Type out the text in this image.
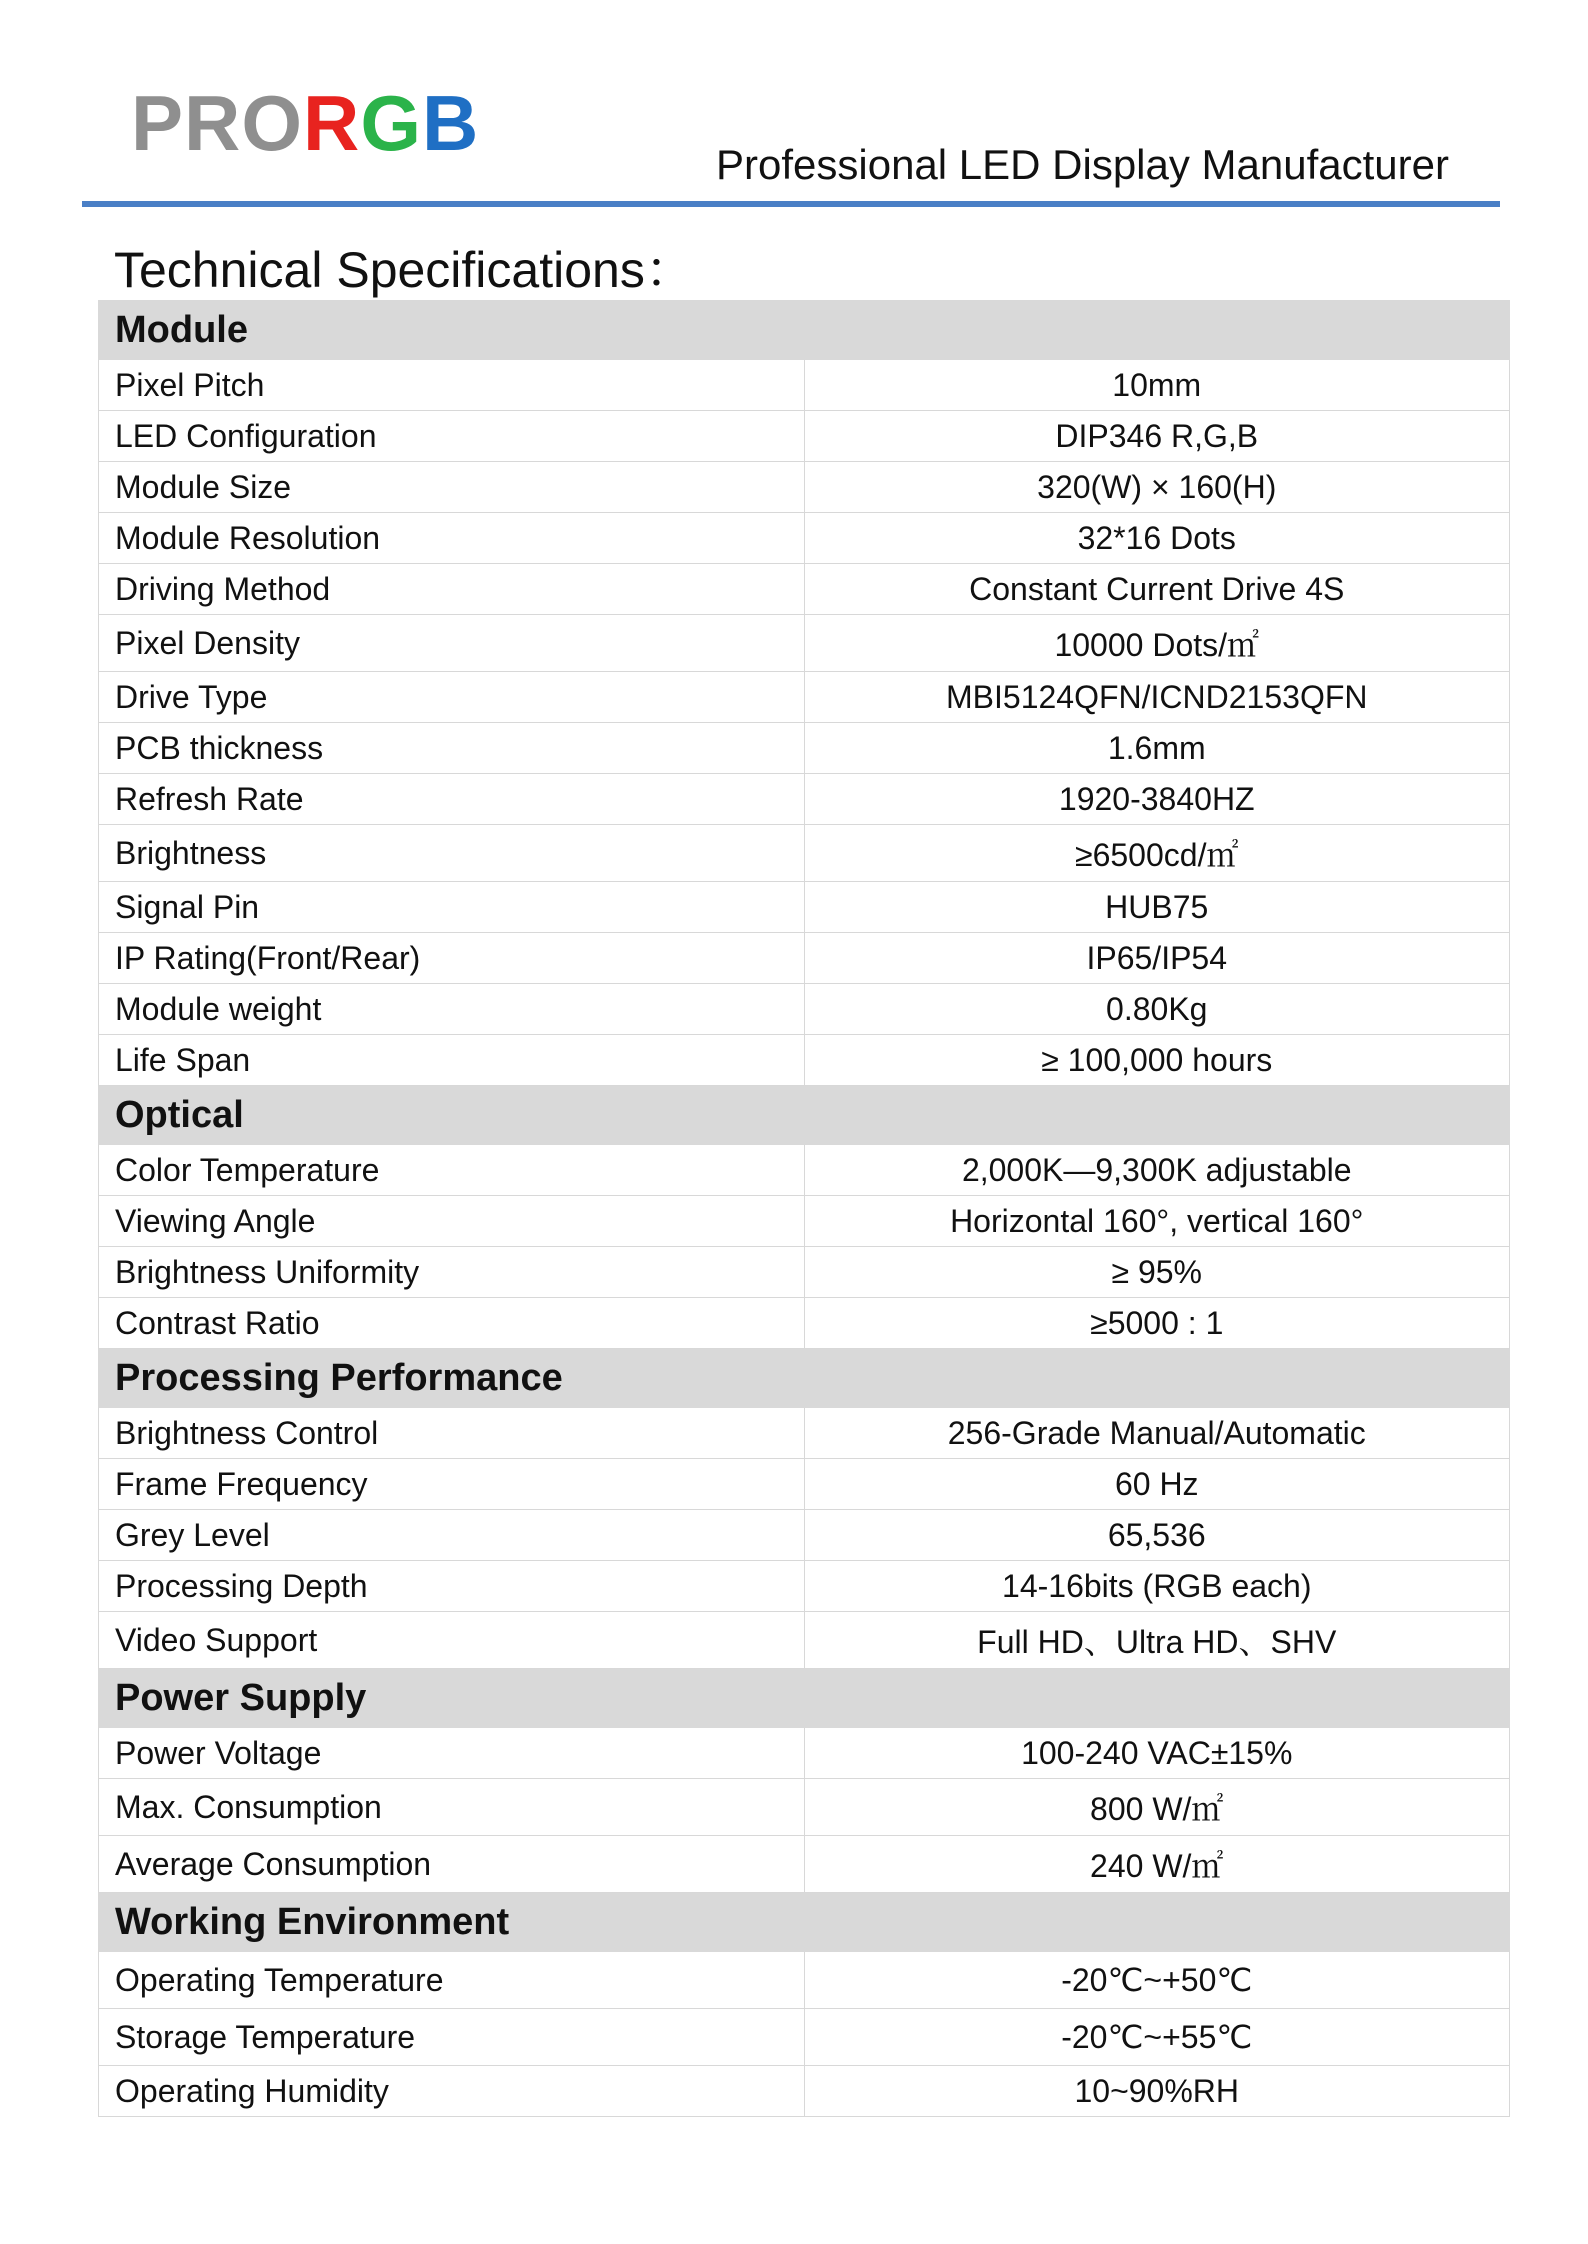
PRORGB	Professional LED Display Manufacturer
Technical Specifications：
Module	
Pixel Pitch	10mm
LED Configuration	DIP346 R,G,B
Module Size	320(W) × 160(H)
Module Resolution	32*16 Dots
Driving Method	Constant Current Drive 4S
Pixel Density	10000 Dots/㎡
Drive Type	MBI5124QFN/ICND2153QFN
PCB thickness	1.6mm
Refresh Rate	1920-3840HZ
Brightness	≥6500cd/㎡
Signal Pin	HUB75
IP Rating(Front/Rear)	IP65/IP54
Module weight	0.80Kg
Life Span	≥ 100,000 hours
Optical	
Color Temperature	2,000K—9,300K adjustable
Viewing Angle	Horizontal 160°, vertical 160°
Brightness Uniformity	≥ 95%
Contrast Ratio	≥5000 : 1
Processing Performance	
Brightness Control	256-Grade Manual/Automatic
Frame Frequency	60 Hz
Grey Level	65,536
Processing Depth	14-16bits (RGB each)
Video Support	Full HD、Ultra HD、SHV
Power Supply	
Power Voltage	100-240 VAC±15%
Max. Consumption	800 W/㎡
Average Consumption	240 W/㎡
Working Environment	
Operating Temperature	-20℃~+50℃
Storage Temperature	-20℃~+55℃
Operating Humidity	10~90%RH
